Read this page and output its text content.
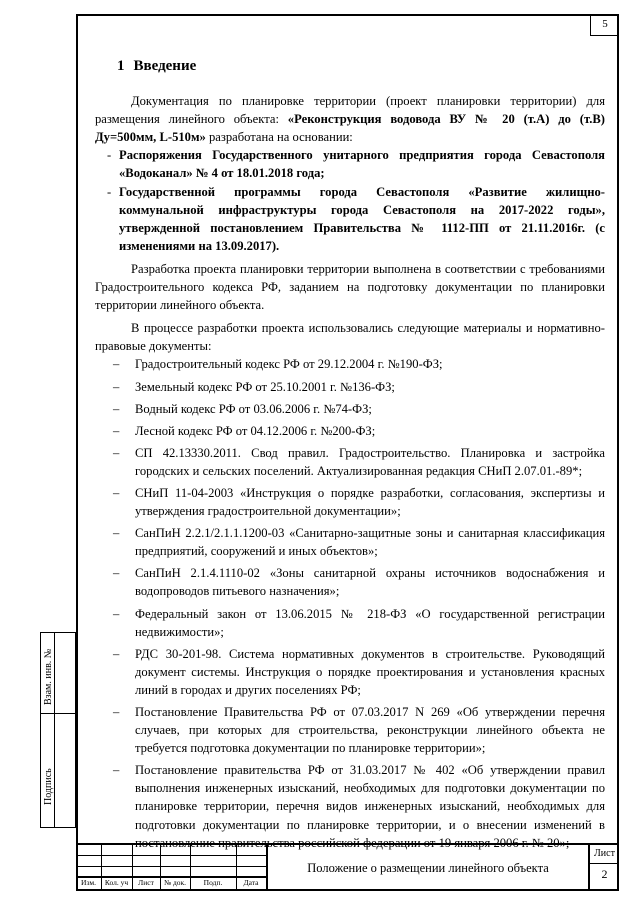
5
Взам. инв. №
Подпись
1 Введение

Документация по планировке территории (проект планировки территории) для размещения линейного объекта: «Реконструкция водовода ВУ № 20 (т.А) до (т.В) Ду=500мм, L-510м» разработана на основании:

- Распоряжения Государственного унитарного предприятия города Севастополя «Водоканал» № 4 от 18.01.2018 года;
- Государственной программы города Севастополя «Развитие жилищно-коммунальной инфраструктуры города Севастополя на 2017-2022 годы», утвержденной постановлением Правительства № 1112-ПП от 21.11.2016г. (с изменениями на 13.09.2017).

Разработка проекта планировки территории выполнена в соответствии с требованиями Градостроительного кодекса РФ, заданием на подготовку документации по планировки территории линейного объекта.

В процессе разработки проекта использовались следующие материалы и нормативно-правовые документы:

– Градостроительный кодекс РФ от 29.12.2004 г. №190-ФЗ;
– Земельный кодекс РФ от 25.10.2001 г. №136-ФЗ;
– Водный кодекс РФ от 03.06.2006 г. №74-ФЗ;
– Лесной кодекс РФ от 04.12.2006 г. №200-ФЗ;
– СП 42.13330.2011. Свод правил. Градостроительство. Планировка и застройка городских и сельских поселений. Актуализированная редакция СНиП 2.07.01.-89*;
– СНиП 11-04-2003 «Инструкция о порядке разработки, согласования, экспертизы и утверждения градостроительной документации»;
– СанПиН 2.2.1/2.1.1.1200-03 «Санитарно-защитные зоны и санитарная классификация предприятий, сооружений и иных объектов»;
– СанПиН 2.1.4.1110-02 «Зоны санитарной охраны источников водоснабжения и водопроводов питьевого назначения»;
– Федеральный закон от 13.06.2015 № 218-ФЗ «О государственной регистрации недвижимости»;
– РДС 30-201-98. Система нормативных документов в строительстве. Руководящий документ системы. Инструкция о порядке проектирования и установления красных линий в городах и других поселениях РФ;
– Постановление Правительства РФ от 07.03.2017 N 269 «Об утверждении перечня случаев, при которых для строительства, реконструкции линейного объекта не требуется подготовка документации по планировке территории»;
– Постановление правительства РФ от 31.03.2017 № 402 «Об утверждении правил выполнения инженерных изысканий, необходимых для подготовки документации по планировке территории, перечня видов инженерных изысканий, необходимых для подготовки документации по планировке территории, и о внесении изменений в постановление правительства российской федерации от 19 января 2006 г. № 20»;
Изм.	Кол. уч	Лист	№ док.	Подп.	Дата
Положение о размещении линейного объекта
Лист
2
